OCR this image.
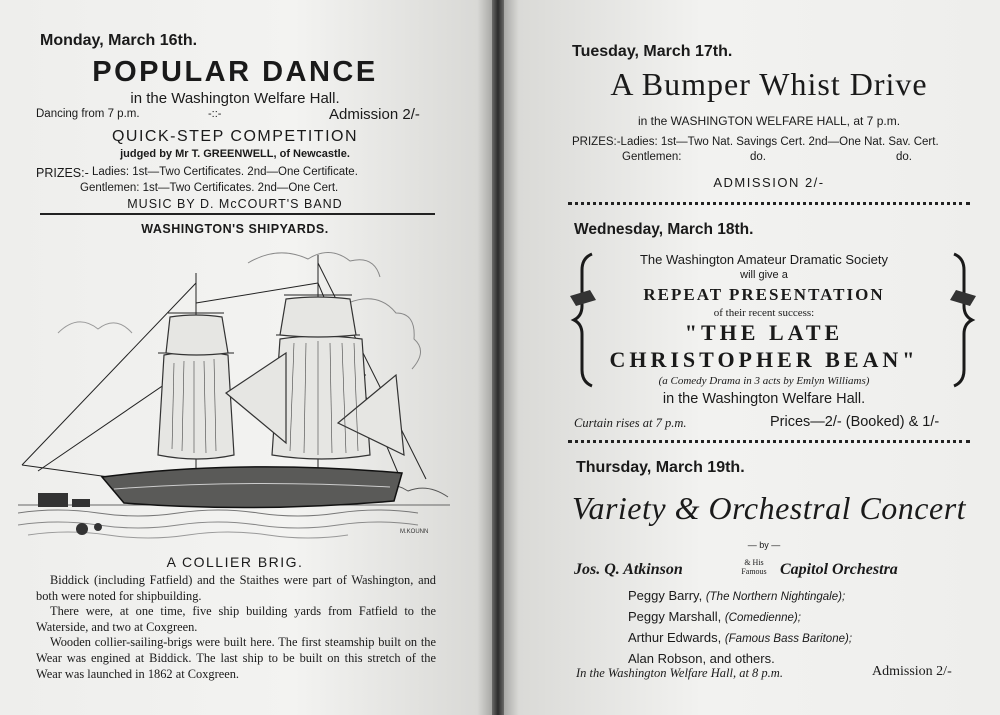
Monday, March 16th.
POPULAR DANCE
in the Washington Welfare Hall.
Dancing from 7 p.m.	-::-	Admission 2/-
QUICK-STEP COMPETITION
judged by Mr T. GREENWELL, of Newcastle.
PRIZES:- Ladies: 1st—Two Certificates. 2nd—One Certificate.
Gentlemen: 1st—Two Certificates. 2nd—One Cert.
MUSIC BY D. McCOURT'S BAND
WASHINGTON'S SHIPYARDS.
M.KOUNN
A COLLIER BRIG.

Biddick (including Fatfield) and the Staithes were part of Washington, and both were noted for shipbuilding.

There were, at one time, five ship building yards from Fatfield to the Waterside, and two at Coxgreen.

Wooden collier-sailing-brigs were built here. The first steamship built on the Wear was engined at Biddick. The last ship to be built on this stretch of the Wear was launched in 1862 at Coxgreen.

Tuesday, March 17th.
A Bumper Whist Drive
in the WASHINGTON WELFARE HALL, at 7 p.m.
PRIZES:-Ladies: 1st—Two Nat. Savings Cert. 2nd—One Nat. Sav. Cert.
Gentlemen:	do.	do.
ADMISSION 2/-
Wednesday, March 18th.
The Washington Amateur Dramatic Society
will give a
REPEAT PRESENTATION
of their recent success:
"THE LATE
CHRISTOPHER BEAN"
(a Comedy Drama in 3 acts by Emlyn Williams)
in the Washington Welfare Hall.
Curtain rises at 7 p.m.	Prices—2/- (Booked) & 1/-
Thursday, March 19th.
Variety & Orchestral Concert
— by —
Jos. Q. Atkinson	& His Famous Capitol Orchestra
Peggy Barry, (The Northern Nightingale);
Peggy Marshall, (Comedienne);
Arthur Edwards, (Famous Bass Baritone);
Alan Robson, and others.
In the Washington Welfare Hall, at 8 p.m.	Admission 2/-
